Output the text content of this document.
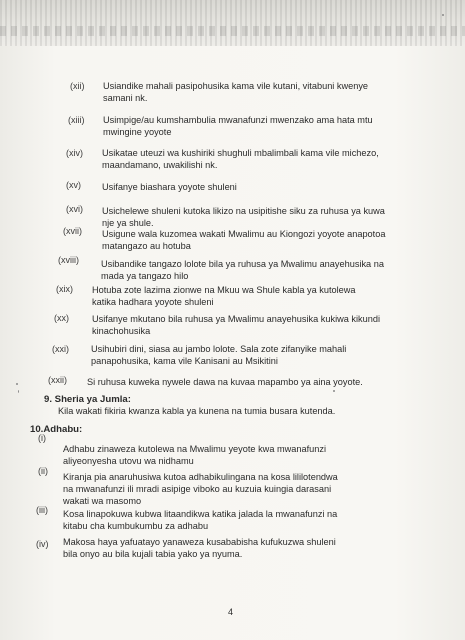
(xii) Usiandike mahali pasipohusika kama vile kutani, vitabuni kwenye
samani nk.
(xiii) Usimpige/au kumshambulia mwanafunzi mwenzako ama hata mtu
mwingine yoyote
(xiv) Usikatae uteuzi wa kushiriki shughuli mbalimbali kama vile michezo,
maandamano, uwakilishi nk.
(xv) Usifanye biashara yoyote shuleni
(xvi) Usichelewe shuleni kutoka likizo na usipitishe siku za ruhusa ya kuwa
nje ya shule.
(xvii) Usigune wala kuzomea wakati Mwalimu au Kiongozi yoyote anapotoa
matangazo au hotuba
(xviii) Usibandike tangazo lolote bila ya ruhusa ya Mwalimu anayehusika na
mada ya tangazo hilo
(xix) Hotuba zote lazima zionwe na Mkuu wa Shule kabla ya kutolewa
katika hadhara yoyote shuleni
(xx)	Usifanye mkutano bila ruhusa ya Mwalimu anayehusika kukiwa kikundi
kinachohusika
(xxi) Usihubiri dini, siasa au jambo lolote. Sala zote zifanyike mahali
panapohusika, kama vile Kanisani au Msikitini
(xxii) Si ruhusa kuweka nywele dawa na kuvaa mapambo ya aina yoyote.
9. Sheria ya Jumla:
Kila wakati fikiria kwanza kabla ya kunena na tumia busara kutenda.
10.Adhabu:
(i)
Adhabu zinaweza kutolewa na Mwalimu yeyote kwa mwanafunzi
aliyeonyesha utovu wa nidhamu
(ii)
Kiranja pia anaruhusiwa kutoa adhabikulingana na kosa lililotendwa
na mwanafunzi ili mradi asipige viboko au kuzuia kuingia darasani
wakati wa masomo
(iii) Kosa linapokuwa kubwa litaandikwa katika jalada la mwanafunzi na
kitabu cha kumbukumbu za adhabu
(iv) Makosa haya yafuatayo yanaweza kusababisha kufukuzwa shuleni
bila onyo au bila kujali tabia yako ya nyuma.
4
